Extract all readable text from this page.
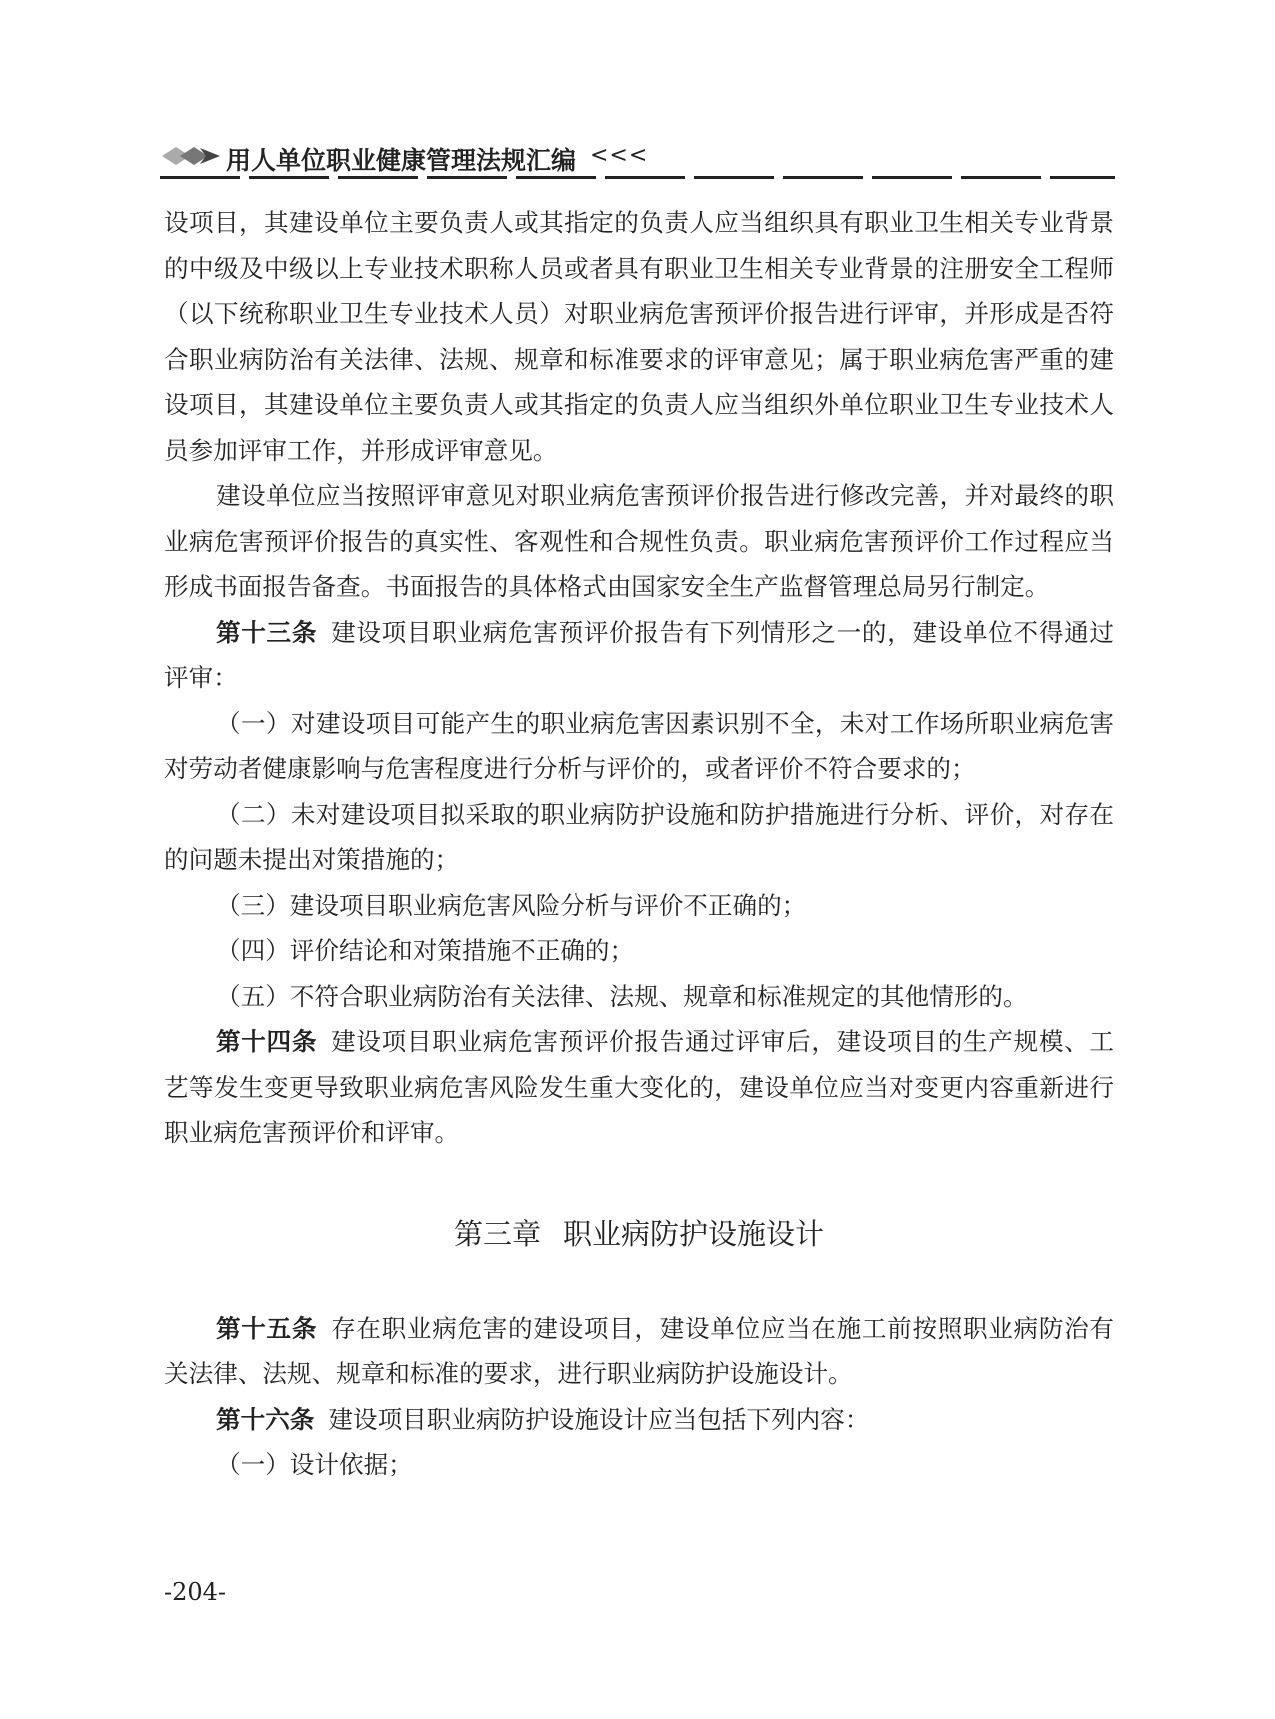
用人单位职业健康管理法规汇编 <<<

设项目，其建设单位主要负责人或其指定的负责人应当组织具有职业卫生相关专业背景的中级及中级以上专业技术职称人员或者具有职业卫生相关专业背景的注册安全工程师（以下统称职业卫生专业技术人员）对职业病危害预评价报告进行评审，并形成是否符合职业病防治有关法律、法规、规章和标准要求的评审意见；属于职业病危害严重的建设项目，其建设单位主要负责人或其指定的负责人应当组织外单位职业卫生专业技术人员参加评审工作，并形成评审意见。

建设单位应当按照评审意见对职业病危害预评价报告进行修改完善，并对最终的职业病危害预评价报告的真实性、客观性和合规性负责。职业病危害预评价工作过程应当形成书面报告备查。书面报告的具体格式由国家安全生产监督管理总局另行制定。

第十三条 建设项目职业病危害预评价报告有下列情形之一的，建设单位不得通过评审：

（一）对建设项目可能产生的职业病危害因素识别不全，未对工作场所职业病危害对劳动者健康影响与危害程度进行分析与评价的，或者评价不符合要求的；

（二）未对建设项目拟采取的职业病防护设施和防护措施进行分析、评价，对存在的问题未提出对策措施的；

（三）建设项目职业病危害风险分析与评价不正确的；

（四）评价结论和对策措施不正确的；

（五）不符合职业病防治有关法律、法规、规章和标准规定的其他情形的。

第十四条 建设项目职业病危害预评价报告通过评审后，建设项目的生产规模、工艺等发生变更导致职业病危害风险发生重大变化的，建设单位应当对变更内容重新进行职业病危害预评价和评审。

第三章 职业病防护设施设计

第十五条 存在职业病危害的建设项目，建设单位应当在施工前按照职业病防治有关法律、法规、规章和标准的要求，进行职业病防护设施设计。

第十六条 建设项目职业病防护设施设计应当包括下列内容：

（一）设计依据；

-204-
